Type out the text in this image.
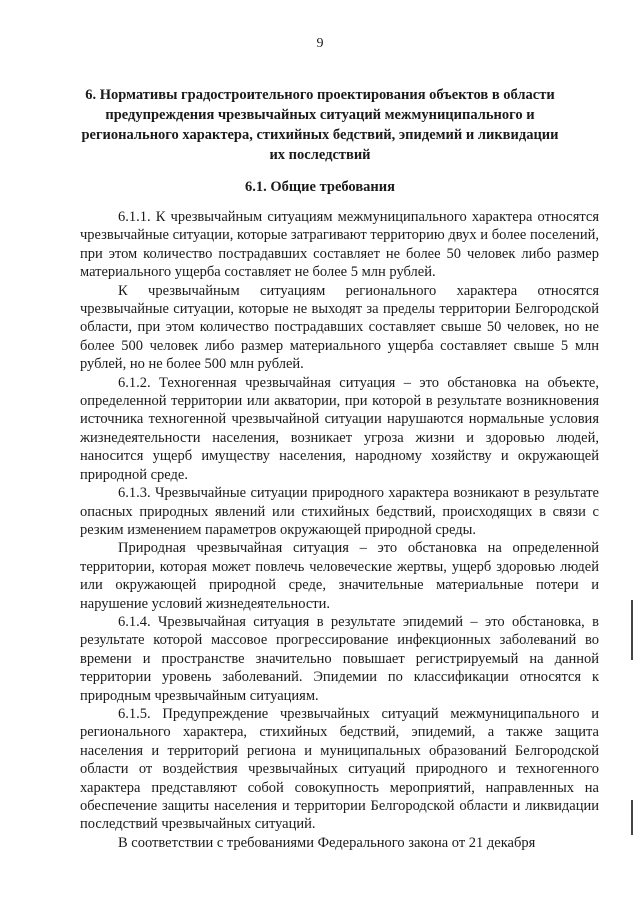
9
6. Нормативы градостроительного проектирования объектов в области предупреждения чрезвычайных ситуаций межмуниципального и регионального характера, стихийных бедствий, эпидемий и ликвидации их последствий
6.1. Общие требования

6.1.1. К чрезвычайным ситуациям межмуниципального характера относятся чрезвычайные ситуации, которые затрагивают территорию двух и более поселений, при этом количество пострадавших составляет не более 50 человек либо размер материального ущерба составляет не более 5 млн рублей.

К чрезвычайным ситуациям регионального характера относятся чрезвычайные ситуации, которые не выходят за пределы территории Белгородской области, при этом количество пострадавших составляет свыше 50 человек, но не более 500 человек либо размер материального ущерба составляет свыше 5 млн рублей, но не более 500 млн рублей.

6.1.2. Техногенная чрезвычайная ситуация – это обстановка на объекте, определенной территории или акватории, при которой в результате возникновения источника техногенной чрезвычайной ситуации нарушаются нормальные условия жизнедеятельности населения, возникает угроза жизни и здоровью людей, наносится ущерб имуществу населения, народному хозяйству и окружающей природной среде.

6.1.3. Чрезвычайные ситуации природного характера возникают в результате опасных природных явлений или стихийных бедствий, происходящих в связи с резким изменением параметров окружающей природной среды.

Природная чрезвычайная ситуация – это обстановка на определенной территории, которая может повлечь человеческие жертвы, ущерб здоровью людей или окружающей природной среде, значительные материальные потери и нарушение условий жизнедеятельности.

6.1.4. Чрезвычайная ситуация в результате эпидемий – это обстановка, в результате которой массовое прогрессирование инфекционных заболеваний во времени и пространстве значительно повышает регистрируемый на данной территории уровень заболеваний. Эпидемии по классификации относятся к природным чрезвычайным ситуациям.

6.1.5. Предупреждение чрезвычайных ситуаций межмуниципального и регионального характера, стихийных бедствий, эпидемий, а также защита населения и территорий региона и муниципальных образований Белгородской области от воздействия чрезвычайных ситуаций природного и техногенного характера представляют собой совокупность мероприятий, направленных на обеспечение защиты населения и территории Белгородской области и ликвидации последствий чрезвычайных ситуаций.

В соответствии с требованиями Федерального закона от 21 декабря
